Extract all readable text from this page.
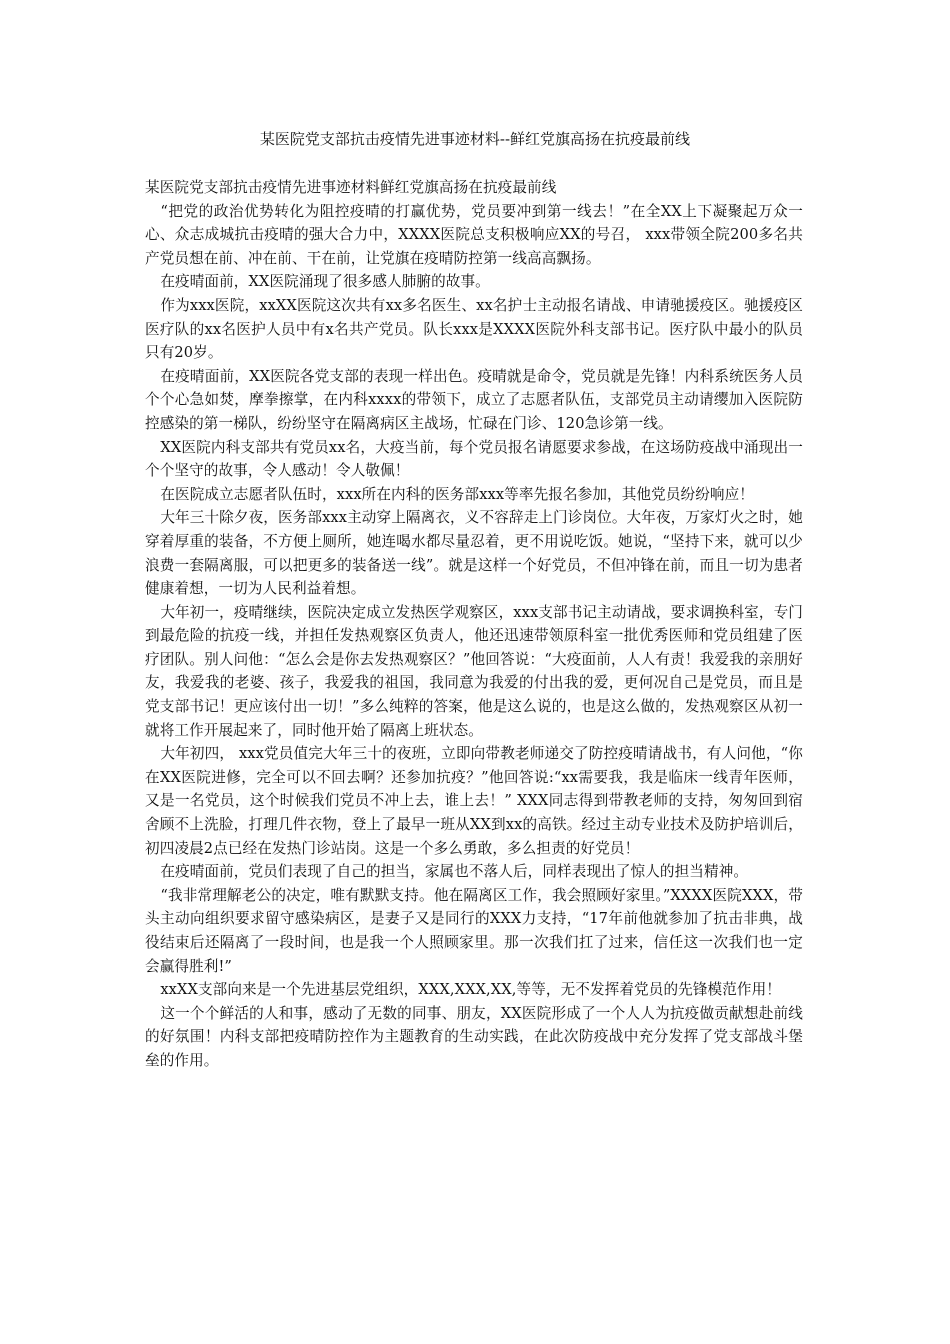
某医院党支部抗击疫情先进事迹材料--鲜红党旗高扬在抗疫最前线

某医院党支部抗击疫情先进事迹材料鲜红党旗高扬在抗疫最前线

“把党的政治优势转化为阻控疫晴的打赢优势，党员要冲到第一线去！”在全XX上下凝聚起万众一心、众志成城抗击疫晴的强大合力中，XXXX医院总支积极响应XX的号召， xxx带领全院200多名共产党员想在前、冲在前、干在前，让党旗在疫晴防控第一线高高飘扬。

在疫晴面前，XX医院涌现了很多感人肺腑的故事。

作为xxx医院，xxXX医院这次共有xx多名医生、xx名护士主动报名请战、申请驰援疫区。驰援疫区医疗队的xx名医护人员中有x名共产党员。队长xxx是XXXX医院外科支部书记。医疗队中最小的队员只有20岁。

在疫晴面前，XX医院各党支部的表现一样出色。疫晴就是命令，党员就是先锋！内科系统医务人员个个心急如焚，摩拳擦掌，在内科xxxx的带领下，成立了志愿者队伍，支部党员主动请缨加入医院防控感染的第一梯队，纷纷坚守在隔离病区主战场，忙碌在门诊、120急诊第一线。

XX医院内科支部共有党员xx名，大疫当前，每个党员报名请愿要求参战，在这场防疫战中涌现出一个个坚守的故事，令人感动！令人敬佩！

在医院成立志愿者队伍时，xxx所在内科的医务部xxx等率先报名参加，其他党员纷纷响应！

大年三十除夕夜，医务部xxx主动穿上隔离衣，义不容辞走上门诊岗位。大年夜，万家灯火之时，她穿着厚重的装备，不方便上厕所，她连喝水都尽量忍着，更不用说吃饭。她说，“坚持下来，就可以少浪费一套隔离服，可以把更多的装备送一线”。就是这样一个好党员，不但冲锋在前，而且一切为患者健康着想，一切为人民利益着想。

大年初一，疫晴继续，医院决定成立发热医学观察区，xxx支部书记主动请战，要求调换科室，专门到最危险的抗疫一线，并担任发热观察区负责人，他还迅速带领原科室一批优秀医师和党员组建了医疗团队。别人问他：“怎么会是你去发热观察区？”他回答说：“大疫面前，人人有责！我爱我的亲朋好友，我爱我的老婆、孩子，我爱我的祖国，我同意为我爱的付出我的爱，更何况自己是党员，而且是党支部书记！更应该付出一切！”多么纯粹的答案，他是这么说的，也是这么做的，发热观察区从初一就将工作开展起来了，同时他开始了隔离上班状态。

大年初四， xxx党员值完大年三十的夜班，立即向带教老师递交了防控疫晴请战书，有人问他，“你在XX医院进修，完全可以不回去啊？还参加抗疫？”他回答说:“xx需要我，我是临床一线青年医师，又是一名党员，这个时候我们党员不冲上去，谁上去！” XXX同志得到带教老师的支持，匆匆回到宿舍顾不上洗脸，打理几件衣物，登上了最早一班从XX到xx的高铁。经过主动专业技术及防护培训后，初四凌晨2点已经在发热门诊站岗。这是一个多么勇敢，多么担责的好党员！

在疫晴面前，党员们表现了自己的担当，家属也不落人后，同样表现出了惊人的担当精神。

“我非常理解老公的决定，唯有默默支持。他在隔离区工作，我会照顾好家里。”XXXX医院XXX，带头主动向组织要求留守感染病区，是妻子又是同行的XXX力支持，“17年前他就参加了抗击非典，战役结束后还隔离了一段时间，也是我一个人照顾家里。那一次我们扛了过来，信任这一次我们也一定会赢得胜利!”

xxXX支部向来是一个先进基层党组织，XXX,XXX,XX,等等，无不发挥着党员的先锋模范作用！

这一个个鲜活的人和事，感动了无数的同事、朋友，XX医院形成了一个人人为抗疫做贡献想赴前线的好氛围！内科支部把疫晴防控作为主题教育的生动实践，在此次防疫战中充分发挥了党支部战斗堡垒的作用。
